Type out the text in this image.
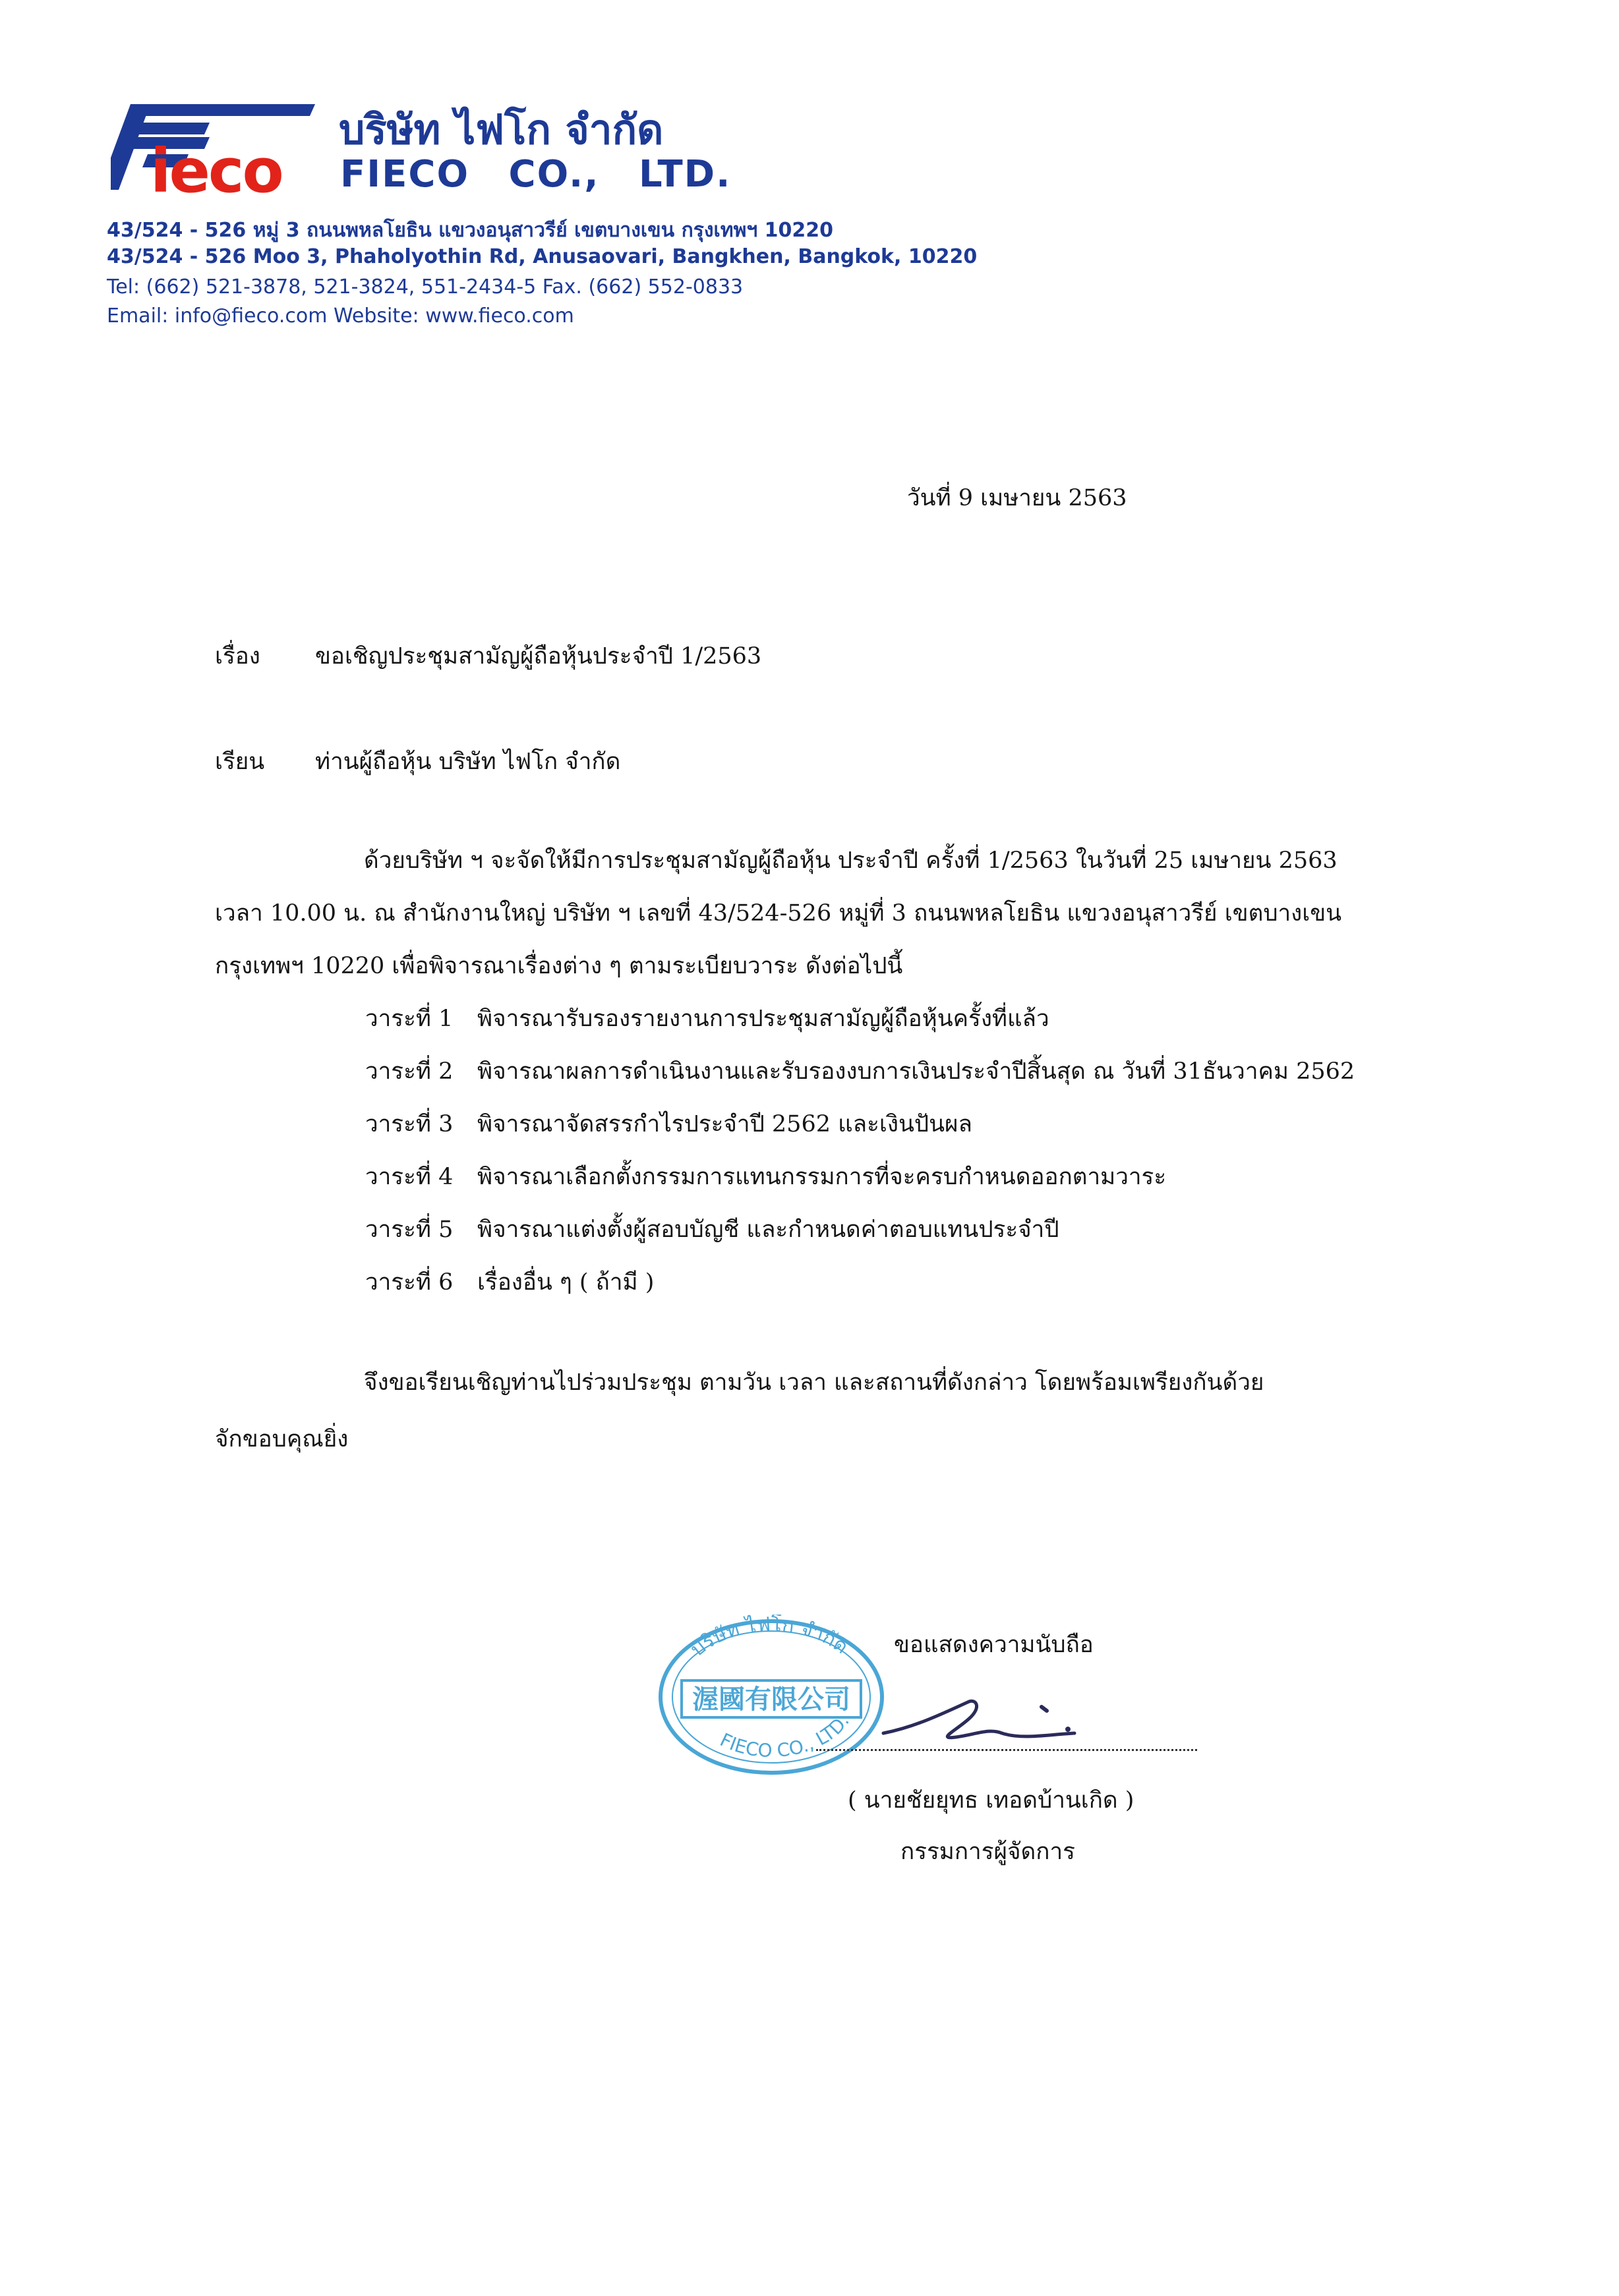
ieco
บริษัท ไฟโก จำกัด
FIECO CO., LTD.
43/524 - 526 หมู่ 3 ถนนพหลโยธิน แขวงอนุสาวรีย์ เขตบางเขน กรุงเทพฯ 10220
43/524 - 526 Moo 3, Phaholyothin Rd, Anusaovari, Bangkhen, Bangkok, 10220
Tel: (662) 521-3878, 521-3824, 551-2434-5 Fax. (662) 552-0833
Email: info@fieco.com Website: www.fieco.com
วันที่ 9 เมษายน 2563
เรื่อง ขอเชิญประชุมสามัญผู้ถือหุ้นประจำปี 1/2563
เรียน ท่านผู้ถือหุ้น บริษัท ไฟโก จำกัด
ด้วยบริษัท ฯ จะจัดให้มีการประชุมสามัญผู้ถือหุ้น ประจำปี ครั้งที่ 1/2563 ในวันที่ 25 เมษายน 2563
เวลา 10.00 น. ณ สำนักงานใหญ่ บริษัท ฯ เลขที่ 43/524-526 หมู่ที่ 3 ถนนพหลโยธิน แขวงอนุสาวรีย์ เขตบางเขน
กรุงเทพฯ 10220 เพื่อพิจารณาเรื่องต่าง ๆ ตามระเบียบวาระ ดังต่อไปนี้
วาระที่ 1 พิจารณารับรองรายงานการประชุมสามัญผู้ถือหุ้นครั้งที่แล้ว
วาระที่ 2 พิจารณาผลการดำเนินงานและรับรองงบการเงินประจำปีสิ้นสุด ณ วันที่ 31ธันวาคม 2562
วาระที่ 3 พิจารณาจัดสรรกำไรประจำปี 2562 และเงินปันผล
วาระที่ 4 พิจารณาเลือกตั้งกรรมการแทนกรรมการที่จะครบกำหนดออกตามวาระ
วาระที่ 5 พิจารณาแต่งตั้งผู้สอบบัญชี และกำหนดค่าตอบแทนประจำปี
วาระที่ 6 เรื่องอื่น ๆ ( ถ้ามี )
จึงขอเรียนเชิญท่านไปร่วมประชุม ตามวัน เวลา และสถานที่ดังกล่าว โดยพร้อมเพรียงกันด้วย
จักขอบคุณยิ่ง
ขอแสดงความนับถือ
บริษัท ไฟโก จำกัด
渥國有限公司
FIECO CO., LTD.
( นายชัยยุทธ เทอดบ้านเกิด )
กรรมการผู้จัดการ
